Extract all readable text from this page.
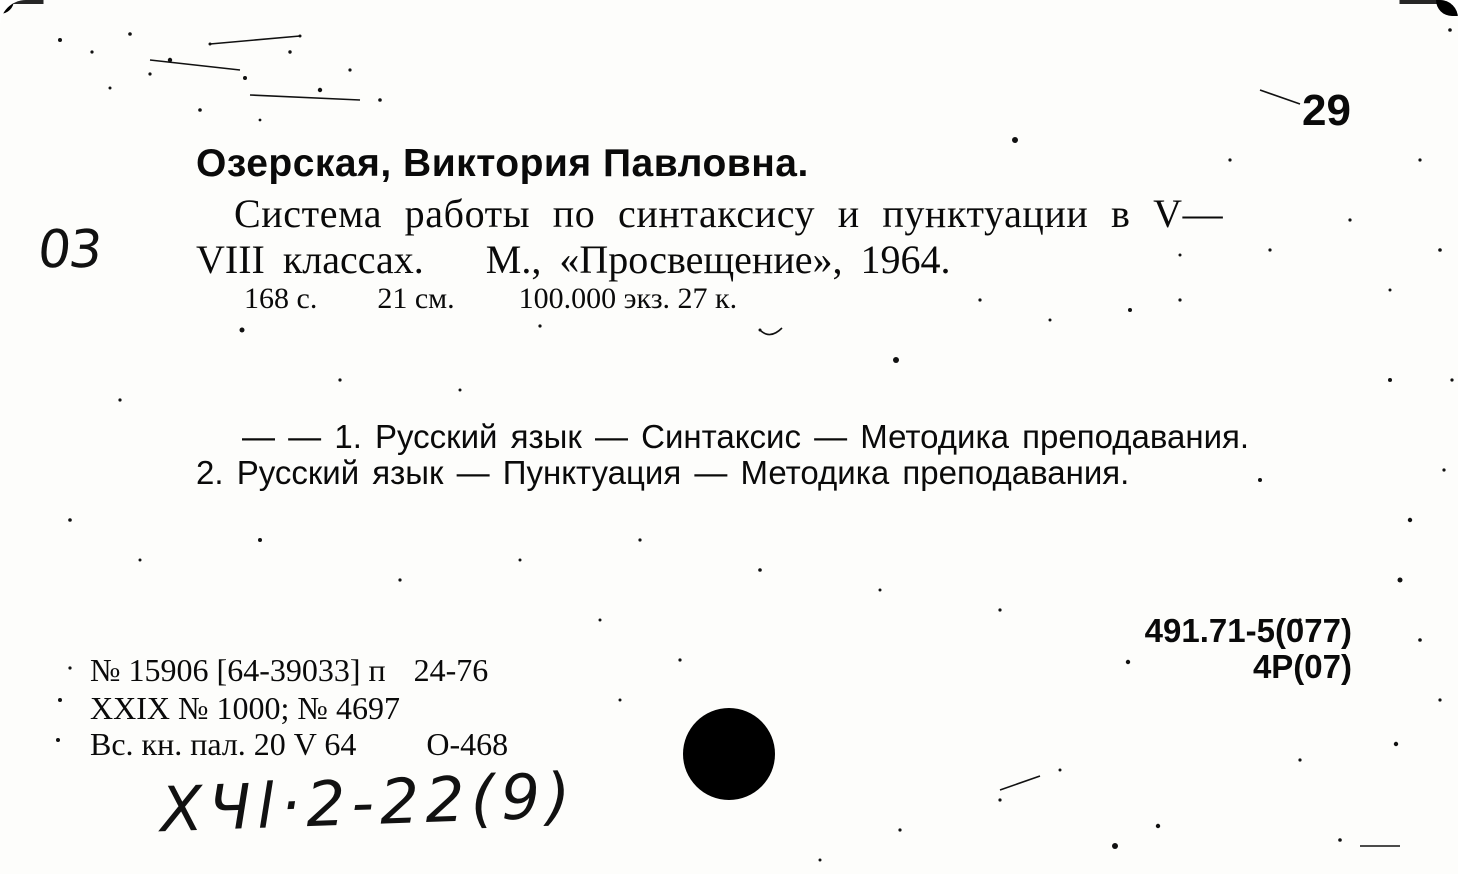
29
Озерская, Виктория Павловна.
Система работы по синтаксису и пунктуации в V—
VIII классах. М., «Просвещение», 1964.
168 с. 21 см. 100.000 экз. 27 к.
03
— — 1. Русский язык — Синтаксис — Методика преподавания.
2. Русский язык — Пунктуация — Методика преподавания.
491.71-5(077)
4Р(07)
№ 15906 [64-39033] п 24-76
XXIX № 1000; № 4697
Вс. кн. пал. 20 V 64 О-468
XЧl·2-22(9)
